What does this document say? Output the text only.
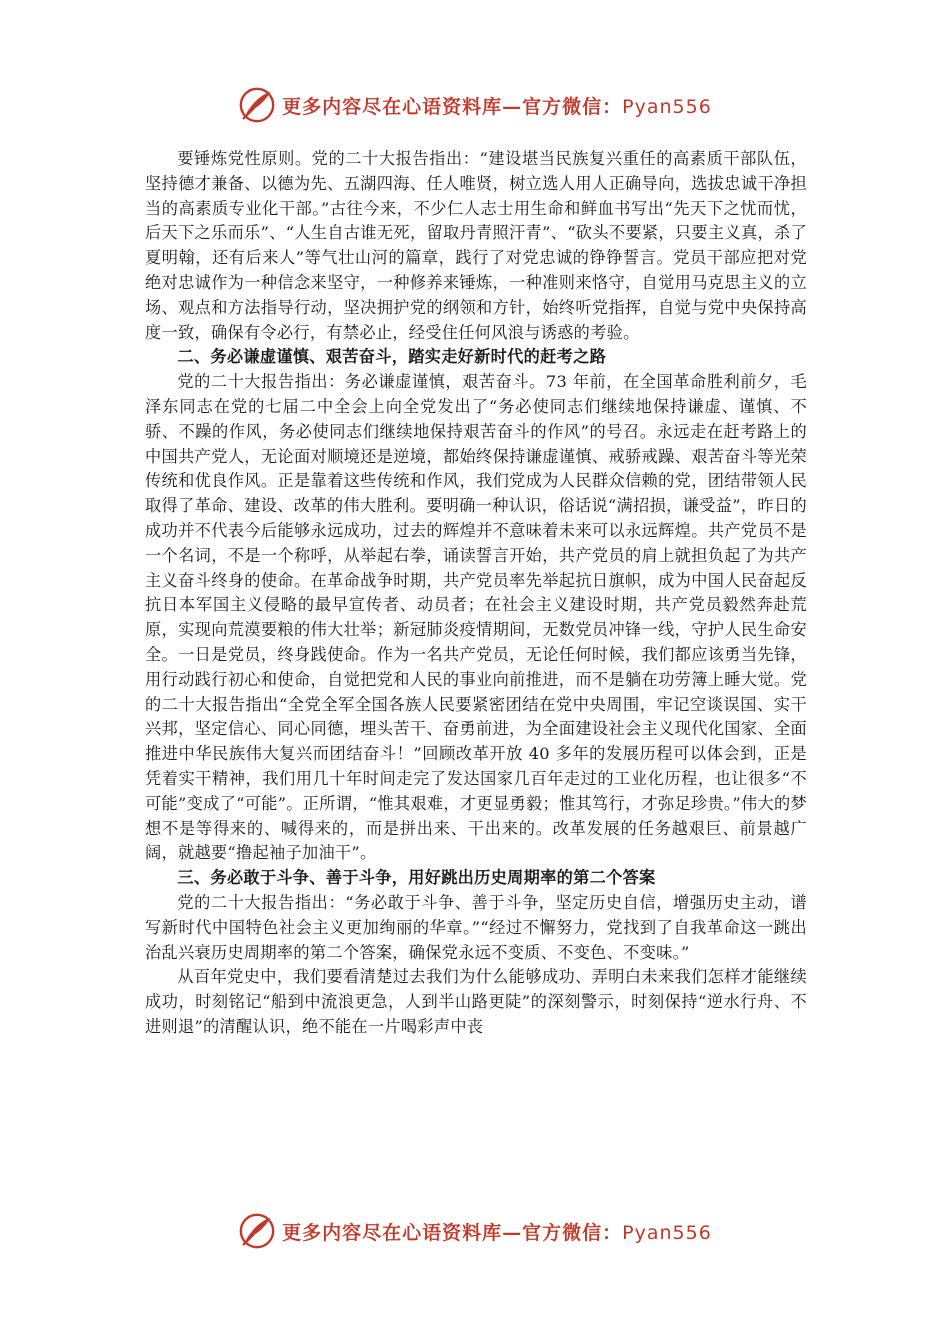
更多内容尽在心语资料库—官方微信：Pyan556

要锤炼党性原则。党的二十大报告指出：“建设堪当民族复兴重任的高素质干部队伍，坚持德才兼备、以德为先、五湖四海、任人唯贤，树立选人用人正确导向，选拔忠诚干净担当的高素质专业化干部。”古往今来，不少仁人志士用生命和鲜血书写出“先天下之忧而忧，后天下之乐而乐”、“人生自古谁无死，留取丹青照汗青”、“砍头不要紧，只要主义真，杀了夏明翰，还有后来人”等气壮山河的篇章，践行了对党忠诚的铮铮誓言。党员干部应把对党绝对忠诚作为一种信念来坚守，一种修养来锤炼，一种准则来恪守，自觉用马克思主义的立场、观点和方法指导行动，坚决拥护党的纲领和方针，始终听党指挥，自觉与党中央保持高度一致，确保有令必行，有禁必止，经受住任何风浪与诱惑的考验。

二、务必谦虚谨慎、艰苦奋斗，踏实走好新时代的赶考之路

党的二十大报告指出：务必谦虚谨慎，艰苦奋斗。73 年前，在全国革命胜利前夕，毛泽东同志在党的七届二中全会上向全党发出了“务必使同志们继续地保持谦虚、谨慎、不骄、不躁的作风，务必使同志们继续地保持艰苦奋斗的作风”的号召。永远走在赶考路上的中国共产党人，无论面对顺境还是逆境，都始终保持谦虚谨慎、戒骄戒躁、艰苦奋斗等光荣传统和优良作风。正是靠着这些传统和作风，我们党成为人民群众信赖的党，团结带领人民取得了革命、建设、改革的伟大胜利。要明确一种认识，俗话说“满招损，谦受益”，昨日的成功并不代表今后能够永远成功，过去的辉煌并不意味着未来可以永远辉煌。共产党员不是一个名词，不是一个称呼，从举起右拳，诵读誓言开始，共产党员的肩上就担负起了为共产主义奋斗终身的使命。在革命战争时期，共产党员率先举起抗日旗帜，成为中国人民奋起反抗日本军国主义侵略的最早宣传者、动员者；在社会主义建设时期，共产党员毅然奔赴荒原，实现向荒漠要粮的伟大壮举；新冠肺炎疫情期间，无数党员冲锋一线，守护人民生命安全。一日是党员，终身践使命。作为一名共产党员，无论任何时候，我们都应该勇当先锋，用行动践行初心和使命，自觉把党和人民的事业向前推进，而不是躺在功劳簿上睡大觉。党的二十大报告指出“全党全军全国各族人民要紧密团结在党中央周围，牢记空谈误国、实干兴邦，坚定信心、同心同德，埋头苦干、奋勇前进，为全面建设社会主义现代化国家、全面推进中华民族伟大复兴而团结奋斗！”回顾改革开放 40 多年的发展历程可以体会到，正是凭着实干精神，我们用几十年时间走完了发达国家几百年走过的工业化历程，也让很多“不可能”变成了“可能”。正所谓，“惟其艰难，才更显勇毅；惟其笃行，才弥足珍贵。”伟大的梦想不是等得来的、喊得来的，而是拼出来、干出来的。改革发展的任务越艰巨、前景越广阔，就越要“撸起袖子加油干”。

三、务必敢于斗争、善于斗争，用好跳出历史周期率的第二个答案

党的二十大报告指出：“务必敢于斗争、善于斗争，坚定历史自信，增强历史主动，谱写新时代中国特色社会主义更加绚丽的华章。”“经过不懈努力，党找到了自我革命这一跳出治乱兴衰历史周期率的第二个答案，确保党永远不变质、不变色、不变味。”

从百年党史中，我们要看清楚过去我们为什么能够成功、弄明白未来我们怎样才能继续成功，时刻铭记“船到中流浪更急，人到半山路更陡”的深刻警示，时刻保持“逆水行舟、不进则退”的清醒认识，绝不能在一片喝彩声中丧

更多内容尽在心语资料库—官方微信：Pyan556
